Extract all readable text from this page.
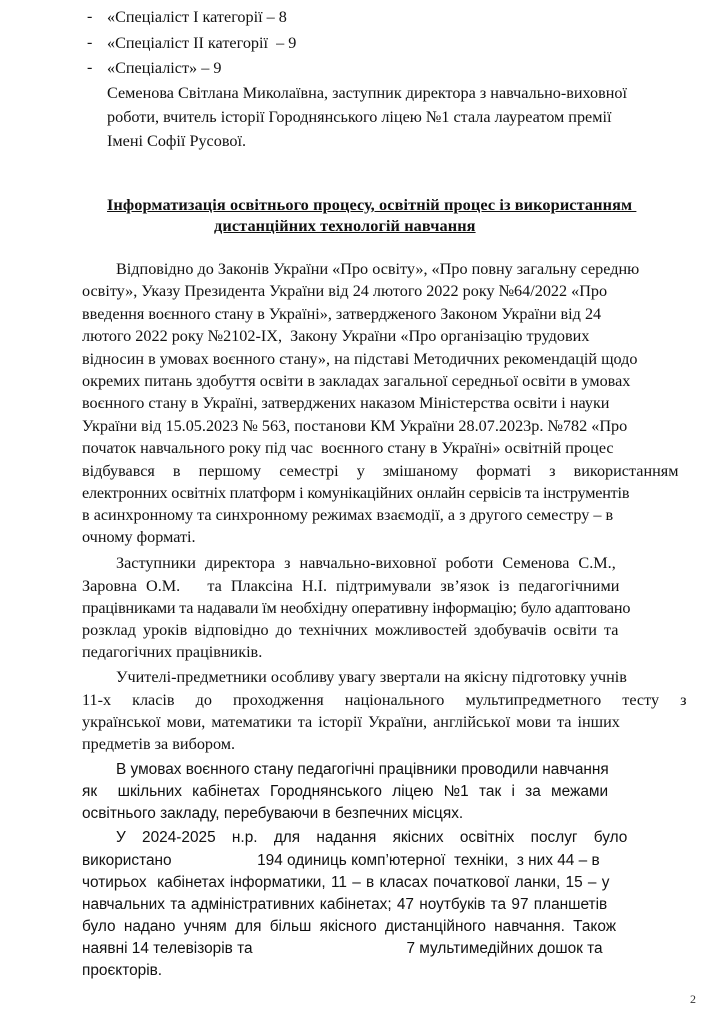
- «Спеціаліст І категорії – 8
- «Спеціаліст ІІ категорії  – 9
- «Спеціаліст» – 9
Семенова Світлана Миколаївна, заступник директора з навчально-виховної
роботи, вчитель історії Городнянського ліцею №1 стала лауреатом премії
Імені Софії Русової.
Інформатизація освітнього процесу, освітній процес із використанням
дистанційних технологій навчання
Відповідно до Законів України «Про освіту», «Про повну загальну середню
освіту», Указу Президента України від 24 лютого 2022 року №64/2022 «Про
введення воєнного стану в Україні», затвердженого Законом України від 24
лютого 2022 року №2102-IX,  Закону України «Про організацію трудових
відносин в умовах воєнного стану», на підставі Методичних рекомендацій щодо
окремих питань здобуття освіти в закладах загальної середньої освіти в умовах
воєнного стану в Україні, затверджених наказом Міністерства освіти і науки
України від 15.05.2023 № 563, постанови КМ України 28.07.2023р. №782 «Про
початок навчального року під час  воєнного стану в Україні» освітній процес
відбувався в першому семестрі у змішаному форматі з використанням
електронних освітніх платформ і комунікаційних онлайн сервісів та інструментів
в асинхронному та синхронному режимах взаємодії, а з другого семестру – в
очному форматі.
Заступники директора з навчально-виховної роботи Семенова С.М.,
Заровна О.М.   та Плаксіна Н.І. підтримували зв’язок із педагогічними
працівниками та надавали їм необхідну оперативну інформацію; було адаптовано
розклад уроків відповідно до технічних можливостей здобувачів освіти та
педагогічних працівників.
Учителі-предметники особливу увагу звертали на якісну підготовку учнів
11-х класів до проходження національного мультипредметного тесту з
української мови, математики та історії України, англійської мови та інших
предметів за вибором.
В умовах воєнного стану педагогічні працівники проводили навчання
як  шкільних кабінетах Городнянського ліцею №1 так і за межами
освітнього закладу, перебуваючи в безпечних місцях.
У 2024-2025 н.р. для надання якісних освітніх послуг було
використано                    194 одиниць комп’ютерної  техніки,  з них 44 – в
чотирьох  кабінетах інформатики, 11 – в класах початкової ланки, 15 – у
навчальних та адміністративних кабінетах; 47 ноутбуків та 97 планшетів
було надано учням для більш якісного дистанційного навчання. Також
наявні 14 телевізорів та                                    7 мультимедійних дошок та
проєкторів.
2
